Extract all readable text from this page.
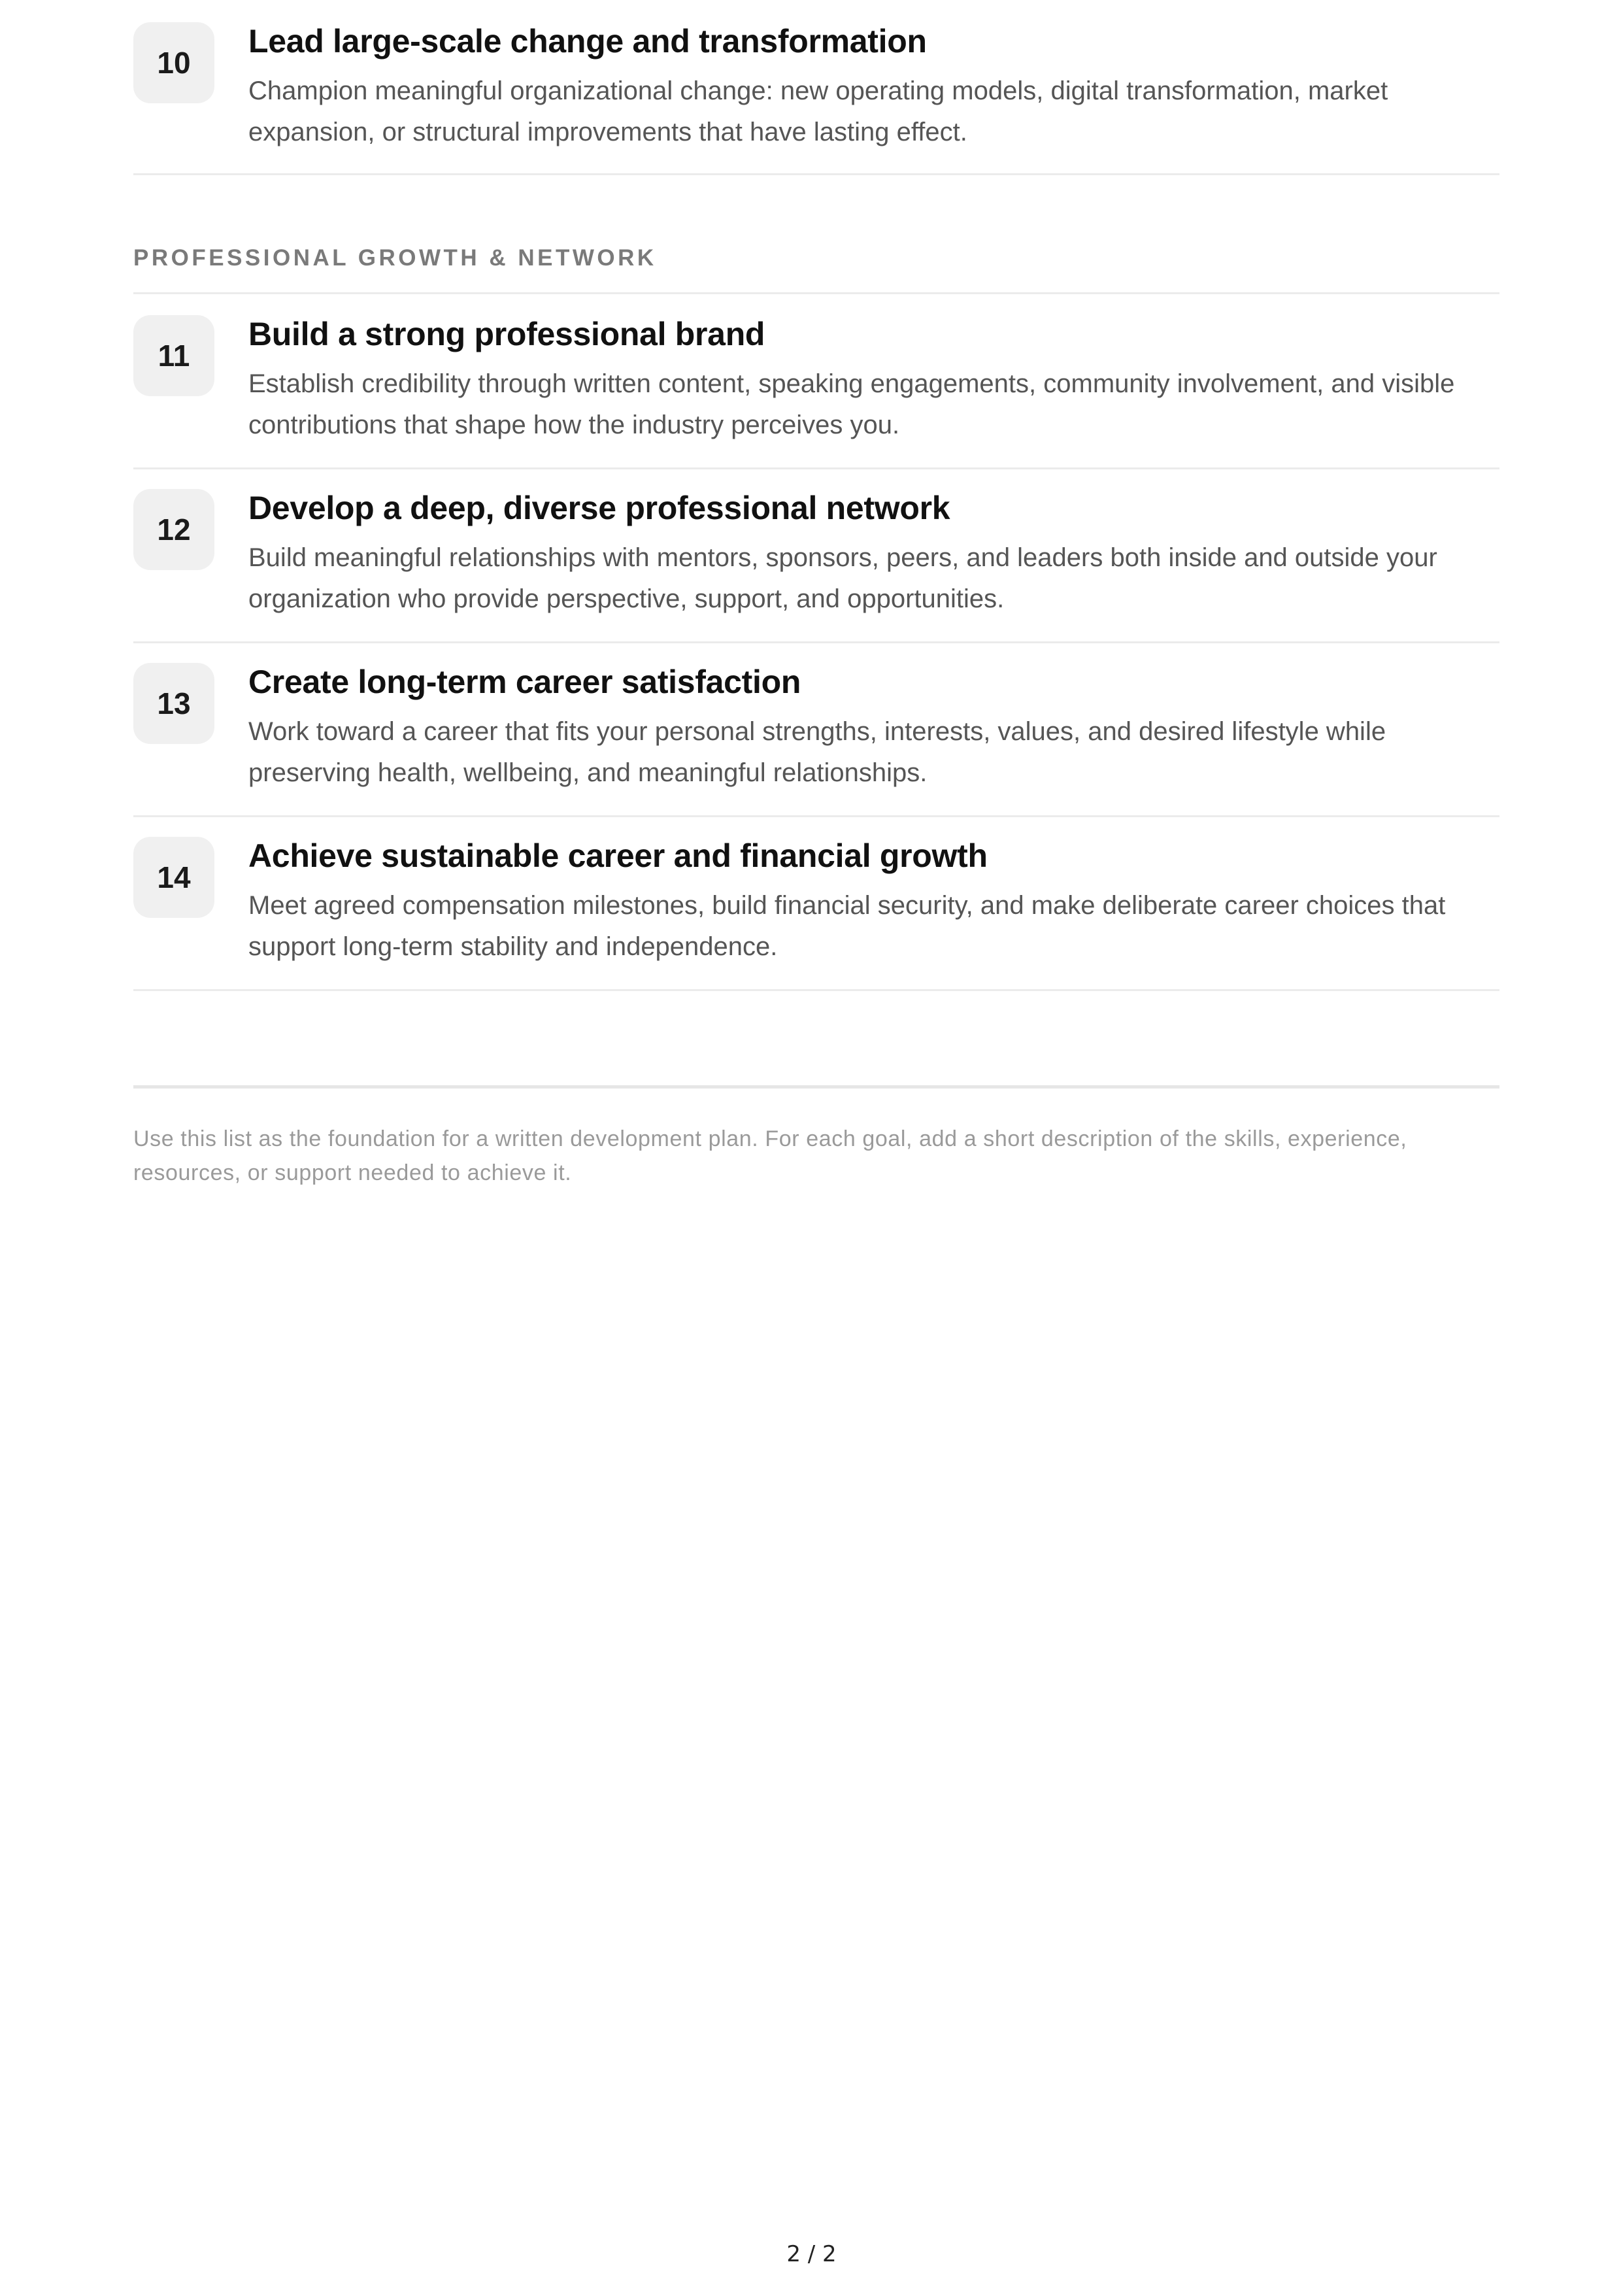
10
Lead large-scale change and transformation

Champion meaningful organizational change: new operating models, digital transformation, market expansion, or structural improvements that have lasting effect.

PROFESSIONAL GROWTH & NETWORK
11
Build a strong professional brand

Establish credibility through written content, speaking engagements, community involvement, and visible contributions that shape how the industry perceives you.

12
Develop a deep, diverse professional network

Build meaningful relationships with mentors, sponsors, peers, and leaders both inside and outside your organization who provide perspective, support, and opportunities.

13
Create long-term career satisfaction

Work toward a career that fits your personal strengths, interests, values, and desired lifestyle while preserving health, wellbeing, and meaningful relationships.

14
Achieve sustainable career and financial growth

Meet agreed compensation milestones, build financial security, and make deliberate career choices that support long-term stability and independence.

Use this list as the foundation for a written development plan. For each goal, add a short description of the skills, experience, resources, or support needed to achieve it.

2 / 2
